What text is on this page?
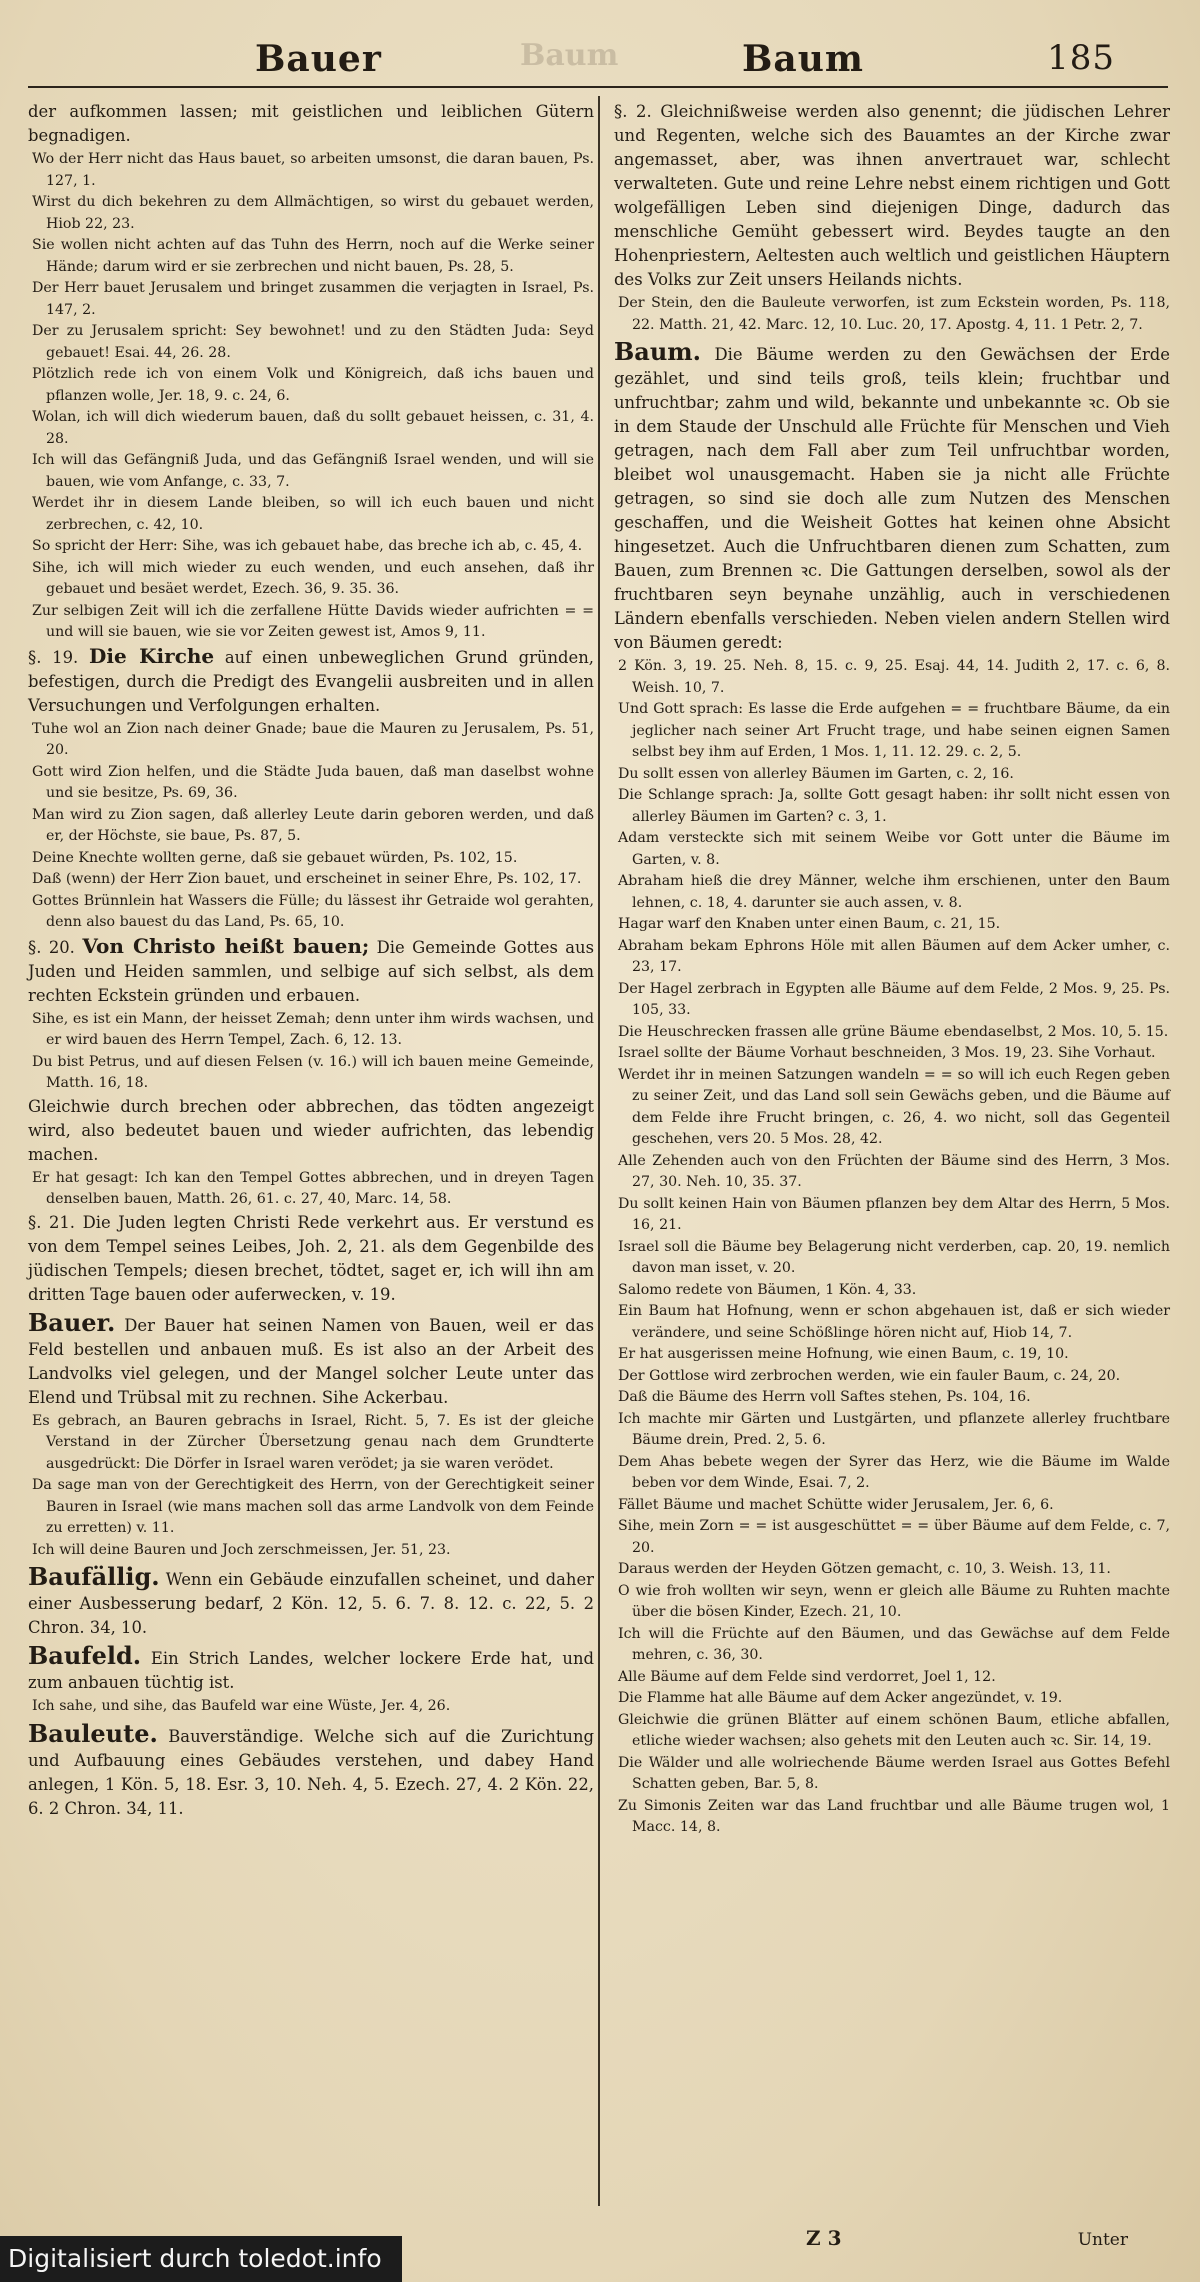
Bauer	Baum	185
Baum
der aufkommen lassen; mit geistlichen und leiblichen Gütern begnadigen.
Wo der Herr nicht das Haus bauet, so arbeiten umsonst, die daran bauen, Ps. 127, 1.
Wirst du dich bekehren zu dem Allmächtigen, so wirst du gebauet werden, Hiob 22, 23.
Sie wollen nicht achten auf das Tuhn des Herrn, noch auf die Werke seiner Hände; darum wird er sie zerbrechen und nicht bauen, Ps. 28, 5.
Der Herr bauet Jerusalem und bringet zusammen die verjagten in Israel, Ps. 147, 2.
Der zu Jerusalem spricht: Sey bewohnet! und zu den Städten Juda: Seyd gebauet! Esai. 44, 26. 28.
Plötzlich rede ich von einem Volk und Königreich, daß ichs bauen und pflanzen wolle, Jer. 18, 9. c. 24, 6.
Wolan, ich will dich wiederum bauen, daß du sollt gebauet heissen, c. 31, 4. 28.
Ich will das Gefängniß Juda, und das Gefängniß Israel wenden, und will sie bauen, wie vom Anfange, c. 33, 7.
Werdet ihr in diesem Lande bleiben, so will ich euch bauen und nicht zerbrechen, c. 42, 10.
So spricht der Herr: Sihe, was ich gebauet habe, das breche ich ab, c. 45, 4.
Sihe, ich will mich wieder zu euch wenden, und euch ansehen, daß ihr gebauet und besäet werdet, Ezech. 36, 9. 35. 36.
Zur selbigen Zeit will ich die zerfallene Hütte Davids wieder aufrichten = = und will sie bauen, wie sie vor Zeiten gewest ist, Amos 9, 11.
§. 19. Die Kirche auf einen unbeweglichen Grund gründen, befestigen, durch die Predigt des Evangelii ausbreiten und in allen Versuchungen und Verfolgungen erhalten.
Tuhe wol an Zion nach deiner Gnade; baue die Mauren zu Jerusalem, Ps. 51, 20.
Gott wird Zion helfen, und die Städte Juda bauen, daß man daselbst wohne und sie besitze, Ps. 69, 36.
Man wird zu Zion sagen, daß allerley Leute darin geboren werden, und daß er, der Höchste, sie baue, Ps. 87, 5.
Deine Knechte wollten gerne, daß sie gebauet würden, Ps. 102, 15.
Daß (wenn) der Herr Zion bauet, und erscheinet in seiner Ehre, Ps. 102, 17.
Gottes Brünnlein hat Wassers die Fülle; du lässest ihr Getraide wol gerahten, denn also bauest du das Land, Ps. 65, 10.
§. 20. Von Christo heißt bauen; Die Gemeinde Gottes aus Juden und Heiden sammlen, und selbige auf sich selbst, als dem rechten Eckstein gründen und erbauen.
Sihe, es ist ein Mann, der heisset Zemah; denn unter ihm wirds wachsen, und er wird bauen des Herrn Tempel, Zach. 6, 12. 13.
Du bist Petrus, und auf diesen Felsen (v. 16.) will ich bauen meine Gemeinde, Matth. 16, 18.
Gleichwie durch brechen oder abbrechen, das tödten angezeigt wird, also bedeutet bauen und wieder aufrichten, das lebendig machen.
Er hat gesagt: Ich kan den Tempel Gottes abbrechen, und in dreyen Tagen denselben bauen, Matth. 26, 61. c. 27, 40, Marc. 14, 58.
§. 21. Die Juden legten Christi Rede verkehrt aus. Er verstund es von dem Tempel seines Leibes, Joh. 2, 21. als dem Gegenbilde des jüdischen Tempels; diesen brechet, tödtet, saget er, ich will ihn am dritten Tage bauen oder auferwecken, v. 19.
Bauer. Der Bauer hat seinen Namen von Bauen, weil er das Feld bestellen und anbauen muß. Es ist also an der Arbeit des Landvolks viel gelegen, und der Mangel solcher Leute unter das Elend und Trübsal mit zu rechnen. Sihe Ackerbau.
Es gebrach, an Bauren gebrachs in Israel, Richt. 5, 7. Es ist der gleiche Verstand in der Zürcher Übersetzung genau nach dem Grundterte ausgedrückt: Die Dörfer in Israel waren verödet; ja sie waren verödet.
Da sage man von der Gerechtigkeit des Herrn, von der Gerechtigkeit seiner Bauren in Israel (wie mans machen soll das arme Landvolk von dem Feinde zu erretten) v. 11.
Ich will deine Bauren und Joch zerschmeissen, Jer. 51, 23.
Baufällig. Wenn ein Gebäude einzufallen scheinet, und daher einer Ausbesserung bedarf, 2 Kön. 12, 5. 6. 7. 8. 12. c. 22, 5. 2 Chron. 34, 10.
Baufeld. Ein Strich Landes, welcher lockere Erde hat, und zum anbauen tüchtig ist.
Ich sahe, und sihe, das Baufeld war eine Wüste, Jer. 4, 26.
Bauleute. Bauverständige. Welche sich auf die Zurichtung und Aufbauung eines Gebäudes verstehen, und dabey Hand anlegen, 1 Kön. 5, 18. Esr. 3, 10. Neh. 4, 5. Ezech. 27, 4. 2 Kön. 22, 6. 2 Chron. 34, 11.
§. 2. Gleichnißweise werden also genennt; die jüdischen Lehrer und Regenten, welche sich des Bauamtes an der Kirche zwar angemasset, aber, was ihnen anvertrauet war, schlecht verwalteten. Gute und reine Lehre nebst einem richtigen und Gott wolgefälligen Leben sind diejenigen Dinge, dadurch das menschliche Gemüht gebessert wird. Beydes taugte an den Hohenpriestern, Aeltesten auch weltlich und geistlichen Häuptern des Volks zur Zeit unsers Heilands nichts.
Der Stein, den die Bauleute verworfen, ist zum Eckstein worden, Ps. 118, 22. Matth. 21, 42. Marc. 12, 10. Luc. 20, 17. Apostg. 4, 11. 1 Petr. 2, 7.
Baum. Die Bäume werden zu den Gewächsen der Erde gezählet, und sind teils groß, teils klein; fruchtbar und unfruchtbar; zahm und wild, bekannte und unbekannte ꝛc. Ob sie in dem Staude der Unschuld alle Früchte für Menschen und Vieh getragen, nach dem Fall aber zum Teil unfruchtbar worden, bleibet wol unausgemacht. Haben sie ja nicht alle Früchte getragen, so sind sie doch alle zum Nutzen des Menschen geschaffen, und die Weisheit Gottes hat keinen ohne Absicht hingesetzet. Auch die Unfruchtbaren dienen zum Schatten, zum Bauen, zum Brennen ꝛc. Die Gattungen derselben, sowol als der fruchtbaren seyn beynahe unzählig, auch in verschiedenen Ländern ebenfalls verschieden. Neben vielen andern Stellen wird von Bäumen geredt:
2 Kön. 3, 19. 25. Neh. 8, 15. c. 9, 25. Esaj. 44, 14. Judith 2, 17. c. 6, 8. Weish. 10, 7.
Und Gott sprach: Es lasse die Erde aufgehen = = fruchtbare Bäume, da ein jeglicher nach seiner Art Frucht trage, und habe seinen eignen Samen selbst bey ihm auf Erden, 1 Mos. 1, 11. 12. 29. c. 2, 5.
Du sollt essen von allerley Bäumen im Garten, c. 2, 16.
Die Schlange sprach: Ja, sollte Gott gesagt haben: ihr sollt nicht essen von allerley Bäumen im Garten? c. 3, 1.
Adam versteckte sich mit seinem Weibe vor Gott unter die Bäume im Garten, v. 8.
Abraham hieß die drey Männer, welche ihm erschienen, unter den Baum lehnen, c. 18, 4. darunter sie auch assen, v. 8.
Hagar warf den Knaben unter einen Baum, c. 21, 15.
Abraham bekam Ephrons Höle mit allen Bäumen auf dem Acker umher, c. 23, 17.
Der Hagel zerbrach in Egypten alle Bäume auf dem Felde, 2 Mos. 9, 25. Ps. 105, 33.
Die Heuschrecken frassen alle grüne Bäume ebendaselbst, 2 Mos. 10, 5. 15.
Israel sollte der Bäume Vorhaut beschneiden, 3 Mos. 19, 23. Sihe Vorhaut.
Werdet ihr in meinen Satzungen wandeln = = so will ich euch Regen geben zu seiner Zeit, und das Land soll sein Gewächs geben, und die Bäume auf dem Felde ihre Frucht bringen, c. 26, 4. wo nicht, soll das Gegenteil geschehen, vers 20. 5 Mos. 28, 42.
Alle Zehenden auch von den Früchten der Bäume sind des Herrn, 3 Mos. 27, 30. Neh. 10, 35. 37.
Du sollt keinen Hain von Bäumen pflanzen bey dem Altar des Herrn, 5 Mos. 16, 21.
Israel soll die Bäume bey Belagerung nicht verderben, cap. 20, 19. nemlich davon man isset, v. 20.
Salomo redete von Bäumen, 1 Kön. 4, 33.
Ein Baum hat Hofnung, wenn er schon abgehauen ist, daß er sich wieder verändere, und seine Schößlinge hören nicht auf, Hiob 14, 7.
Er hat ausgerissen meine Hofnung, wie einen Baum, c. 19, 10.
Der Gottlose wird zerbrochen werden, wie ein fauler Baum, c. 24, 20.
Daß die Bäume des Herrn voll Saftes stehen, Ps. 104, 16.
Ich machte mir Gärten und Lustgärten, und pflanzete allerley fruchtbare Bäume drein, Pred. 2, 5. 6.
Dem Ahas bebete wegen der Syrer das Herz, wie die Bäume im Walde beben vor dem Winde, Esai. 7, 2.
Fället Bäume und machet Schütte wider Jerusalem, Jer. 6, 6.
Sihe, mein Zorn = = ist ausgeschüttet = = über Bäume auf dem Felde, c. 7, 20.
Daraus werden der Heyden Götzen gemacht, c. 10, 3. Weish. 13, 11.
O wie froh wollten wir seyn, wenn er gleich alle Bäume zu Ruhten machte über die bösen Kinder, Ezech. 21, 10.
Ich will die Früchte auf den Bäumen, und das Gewächse auf dem Felde mehren, c. 36, 30.
Alle Bäume auf dem Felde sind verdorret, Joel 1, 12.
Die Flamme hat alle Bäume auf dem Acker angezündet, v. 19.
Gleichwie die grünen Blätter auf einem schönen Baum, etliche abfallen, etliche wieder wachsen; also gehets mit den Leuten auch ꝛc. Sir. 14, 19.
Die Wälder und alle wolriechende Bäume werden Israel aus Gottes Befehl Schatten geben, Bar. 5, 8.
Zu Simonis Zeiten war das Land fruchtbar und alle Bäume trugen wol, 1 Macc. 14, 8.
Z 3	Unter
Digitalisiert durch toledot.info
